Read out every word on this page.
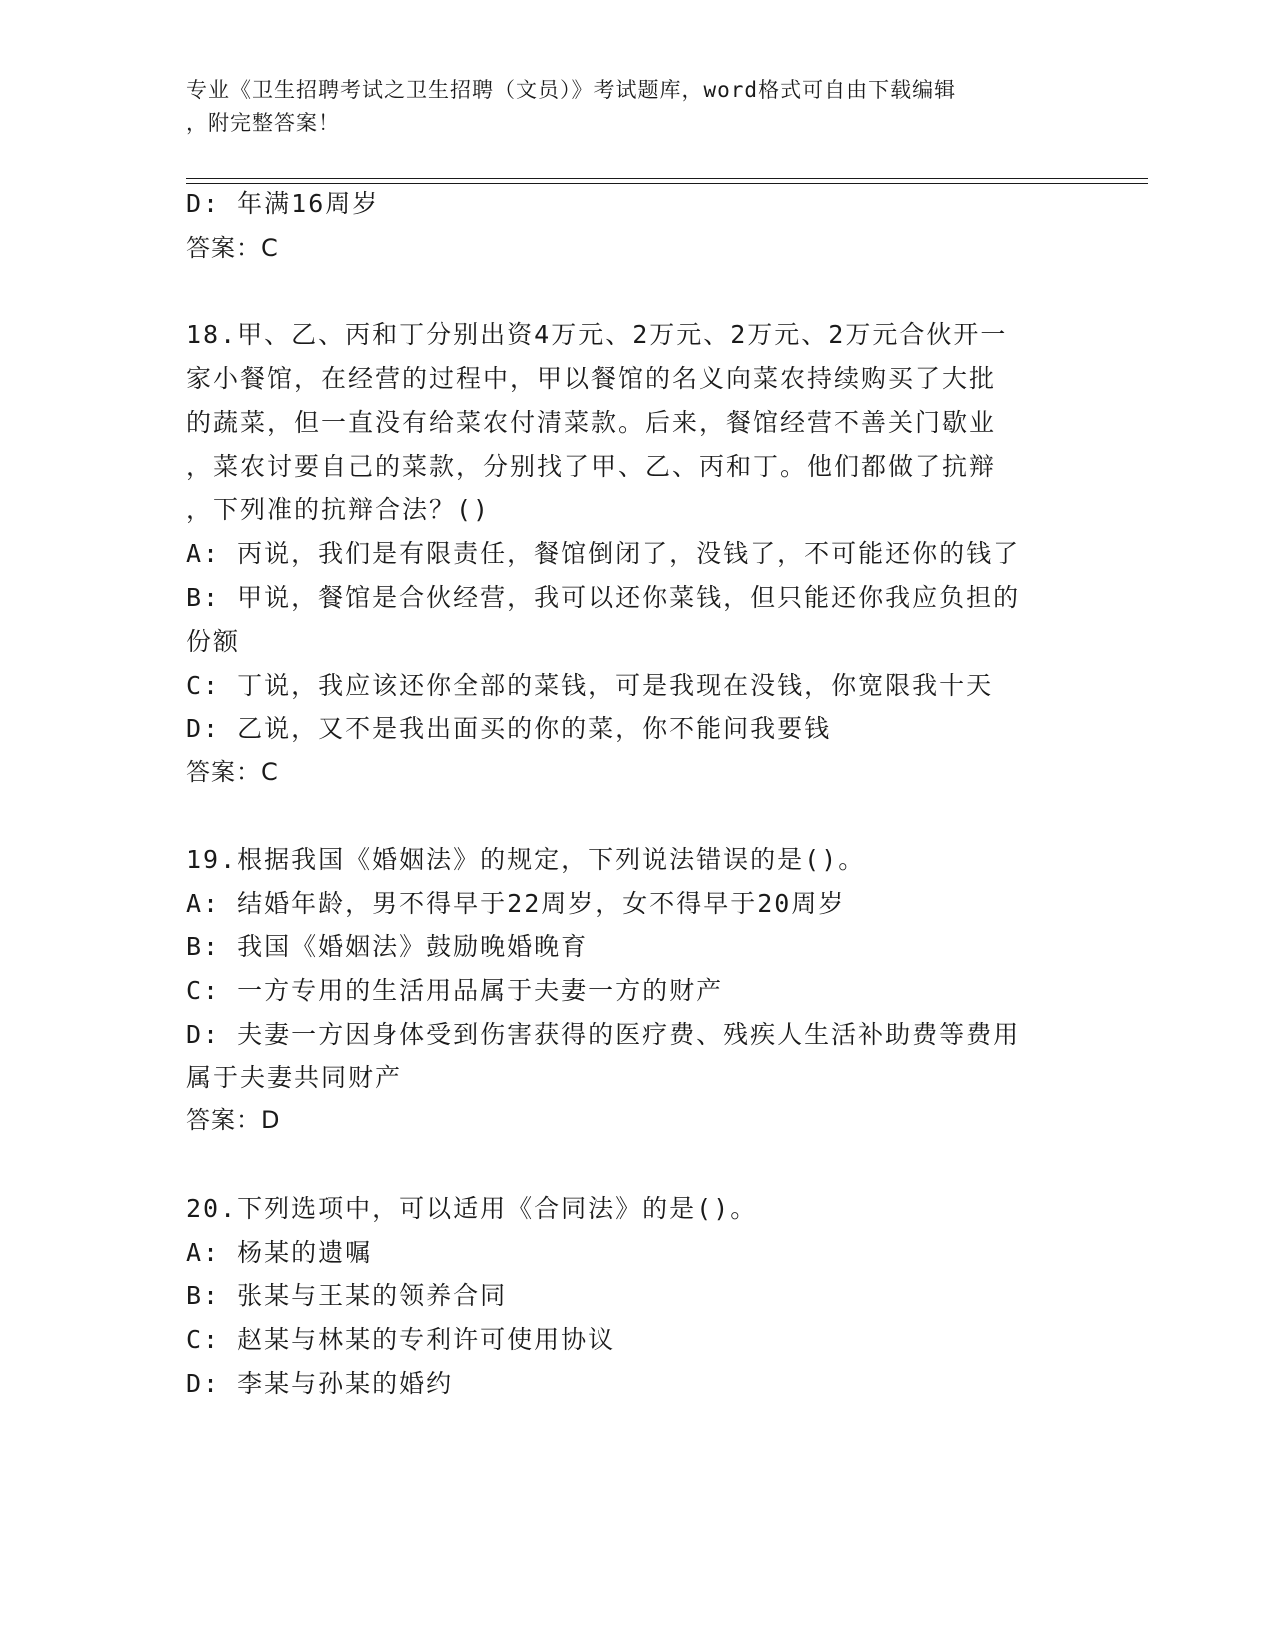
专业《卫生招聘考试之卫生招聘（文员）》考试题库，word格式可自由下载编辑
，附完整答案！
D: 年满16周岁
答案：C
18.甲、乙、丙和丁分别出资4万元、2万元、2万元、2万元合伙开一
家小餐馆，在经营的过程中，甲以餐馆的名义向菜农持续购买了大批
的蔬菜，但一直没有给菜农付清菜款。后来，餐馆经营不善关门歇业
，菜农讨要自己的菜款，分别找了甲、乙、丙和丁。他们都做了抗辩
，下列准的抗辩合法？()
A: 丙说，我们是有限责任，餐馆倒闭了，没钱了，不可能还你的钱了
B: 甲说，餐馆是合伙经营，我可以还你菜钱，但只能还你我应负担的
份额
C: 丁说，我应该还你全部的菜钱，可是我现在没钱，你宽限我十天
D: 乙说，又不是我出面买的你的菜，你不能问我要钱
答案：C
19.根据我国《婚姻法》的规定，下列说法错误的是()。
A: 结婚年龄，男不得早于22周岁，女不得早于20周岁
B: 我国《婚姻法》鼓励晚婚晚育
C: 一方专用的生活用品属于夫妻一方的财产
D: 夫妻一方因身体受到伤害获得的医疗费、残疾人生活补助费等费用
属于夫妻共同财产
答案：D
20.下列选项中，可以适用《合同法》的是()。
A: 杨某的遗嘱
B: 张某与王某的领养合同
C: 赵某与林某的专利许可使用协议
D: 李某与孙某的婚约
